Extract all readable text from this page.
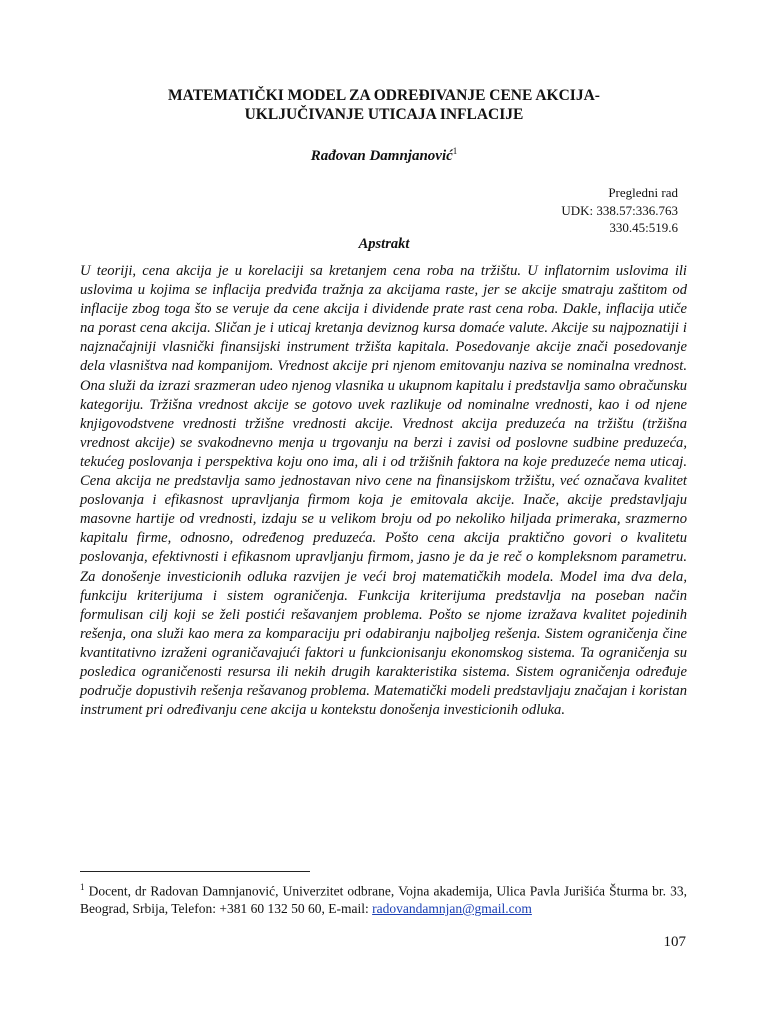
MATEMATIČKI MODEL ZA ODREĐIVANJE CENE AKCIJA-
UKLJUČIVANJE UTICAJA INFLACIJE
Rađovan Damnjanović$^1$
Pregledni rad
UDK: 338.57:336.763
330.45:519.6
Apstrakt

U teoriji, cena akcija je u korelaciji sa kretanjem cena roba na tržištu. U inflatornim uslovima ili uslovima u kojima se inflacija predviđa tražnja za akcijama raste, jer se akcije smatraju zaštitom od inflacije zbog toga što se veruje da cene akcija i dividende prate rast cena roba. Dakle, inflacija utiče na porast cena akcija. Sličan je i uticaj kretanja deviznog kursa domaće valute. Akcije su najpoznatiji i najznačajniji vlasnički finansijski instrument tržišta kapitala. Posedovanje akcije znači posedovanje dela vlasništva nad kompanijom. Vrednost akcije pri njenom emitovanju naziva se nominalna vrednost. Ona služi da izrazi srazmeran udeo njenog vlasnika u ukupnom kapitalu i predstavlja samo obračunsku kategoriju. Tržišna vrednost akcije se gotovo uvek razlikuje od nominalne vrednosti, kao i od njene knjigovodstvene vrednosti tržišne vrednosti akcije. Vrednost akcija preduzeća na tržištu (tržišna vrednost akcije) se svakodnevno menja u trgovanju na berzi i zavisi od poslovne sudbine preduzeća, tekućeg poslovanja i perspektiva koju ono ima, ali i od tržišnih faktora na koje preduzeće nema uticaj. Cena akcija ne predstavlja samo jednostavan nivo cene na finansijskom tržištu, već označava kvalitet poslovanja i efikasnost upravljanja firmom koja je emitovala akcije. Inače, akcije predstavljaju masovne hartije od vrednosti, izdaju se u velikom broju od po nekoliko hiljada primeraka, srazmerno kapitalu firme, odnosno, određenog preduzeća. Pošto cena akcija praktično govori o kvalitetu poslovanja, efektivnosti i efikasnom upravljanju firmom, jasno je da je reč o kompleksnom parametru. Za donošenje investicionih odluka razvijen je veći broj matematičkih modela. Model ima dva dela, funkciju kriterijuma i sistem ograničenja. Funkcija kriterijuma predstavlja na poseban način formulisan cilj koji se želi postići rešavanjem problema. Pošto se njome izražava kvalitet pojedinih rešenja, ona služi kao mera za komparaciju pri odabiranju najboljeg rešenja. Sistem ograničenja čine kvantitativno izraženi ograničavajući faktori u funkcionisanju ekonomskog sistema. Ta ograničenja su posledica ograničenosti resursa ili nekih drugih karakteristika sistema. Sistem ograničenja određuje područje dopustivih rešenja rešavanog problema. Matematički modeli predstavljaju značajan i koristan instrument pri određivanju cene akcija u kontekstu donošenja investicionih odluka.

$^1$ Docent, dr Radovan Damnjanović, Univerzitet odbrane, Vojna akademija, Ulica Pavla Jurišića Šturma br. 33, Beograd, Srbija, Telefon: +381 60 132 50 60, E-mail: radovandamnjan@gmail.com
107
